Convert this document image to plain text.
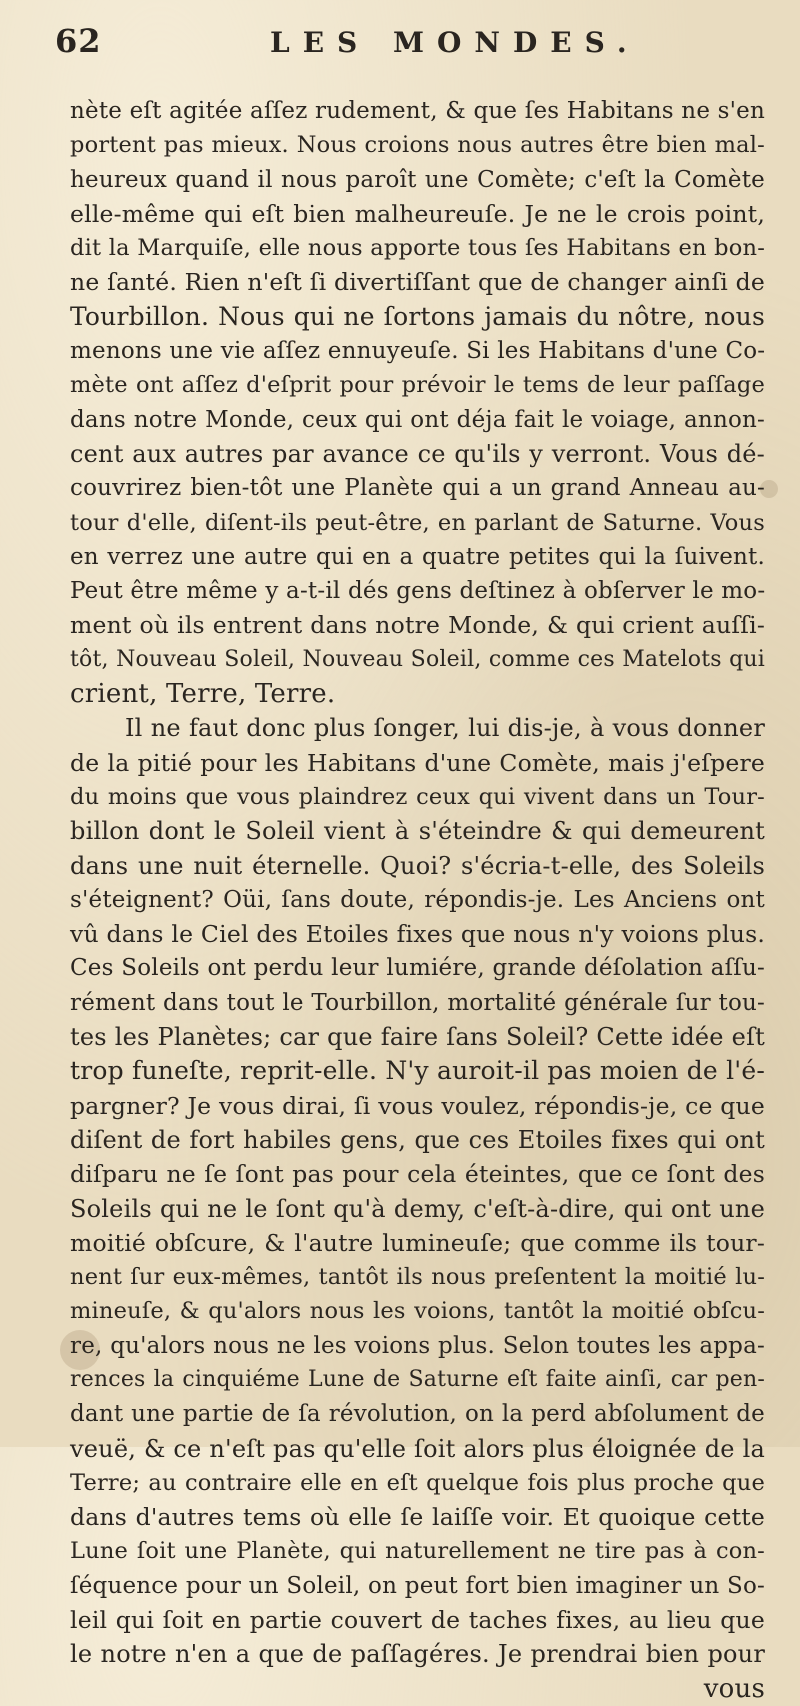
62	LES MONDES.
nète eſt agitée aſſez rudement, & que ſes Habitans ne s'en
portent pas mieux. Nous croions nous autres être bien mal-
heureux quand il nous paroît une Comète; c'eſt la Comète
elle-même qui eſt bien malheureuſe. Je ne le crois point,
dit la Marquiſe, elle nous apporte tous ſes Habitans en bon-
ne ſanté. Rien n'eſt ſi divertiſſant que de changer ainſi de
Tourbillon. Nous qui ne ſortons jamais du nôtre, nous
menons une vie aſſez ennuyeuſe. Si les Habitans d'une Co-
mète ont aſſez d'eſprit pour prévoir le tems de leur paſſage
dans notre Monde, ceux qui ont déja fait le voiage, annon-
cent aux autres par avance ce qu'ils y verront. Vous dé-
couvrirez bien-tôt une Planète qui a un grand Anneau au-
tour d'elle, diſent-ils peut-être, en parlant de Saturne. Vous
en verrez une autre qui en a quatre petites qui la ſuivent.
Peut être même y a-t-il dés gens deſtinez à obſerver le mo-
ment où ils entrent dans notre Monde, & qui crient auſſi-
tôt, Nouveau Soleil, Nouveau Soleil, comme ces Matelots qui
crient, Terre, Terre.
Il ne faut donc plus ſonger, lui dis-je, à vous donner
de la pitié pour les Habitans d'une Comète, mais j'eſpere
du moins que vous plaindrez ceux qui vivent dans un Tour-
billon dont le Soleil vient à s'éteindre & qui demeurent
dans une nuit éternelle. Quoi? s'écria-t-elle, des Soleils
s'éteignent? Oüi, ſans doute, répondis-je. Les Anciens ont
vû dans le Ciel des Etoiles fixes que nous n'y voions plus.
Ces Soleils ont perdu leur lumiére, grande déſolation aſſu-
rément dans tout le Tourbillon, mortalité générale ſur tou-
tes les Planètes; car que faire ſans Soleil? Cette idée eſt
trop funeſte, reprit-elle. N'y auroit-il pas moien de l'é-
pargner? Je vous dirai, ſi vous voulez, répondis-je, ce que
diſent de fort habiles gens, que ces Etoiles fixes qui ont
diſparu ne ſe ſont pas pour cela éteintes, que ce ſont des
Soleils qui ne le ſont qu'à demy, c'eſt-à-dire, qui ont une
moitié obſcure, & l'autre lumineuſe; que comme ils tour-
nent ſur eux-mêmes, tantôt ils nous preſentent la moitié lu-
mineuſe, & qu'alors nous les voions, tantôt la moitié obſcu-
re, qu'alors nous ne les voions plus. Selon toutes les appa-
rences la cinquiéme Lune de Saturne eſt faite ainſi, car pen-
dant une partie de ſa révolution, on la perd abſolument de
veuë, & ce n'eſt pas qu'elle ſoit alors plus éloignée de la
Terre; au contraire elle en eſt quelque fois plus proche que
dans d'autres tems où elle ſe laiſſe voir. Et quoique cette
Lune ſoit une Planète, qui naturellement ne tire pas à con-
ſéquence pour un Soleil, on peut fort bien imaginer un So-
leil qui ſoit en partie couvert de taches fixes, au lieu que
le notre n'en a que de paſſagéres. Je prendrai bien pour
vous
